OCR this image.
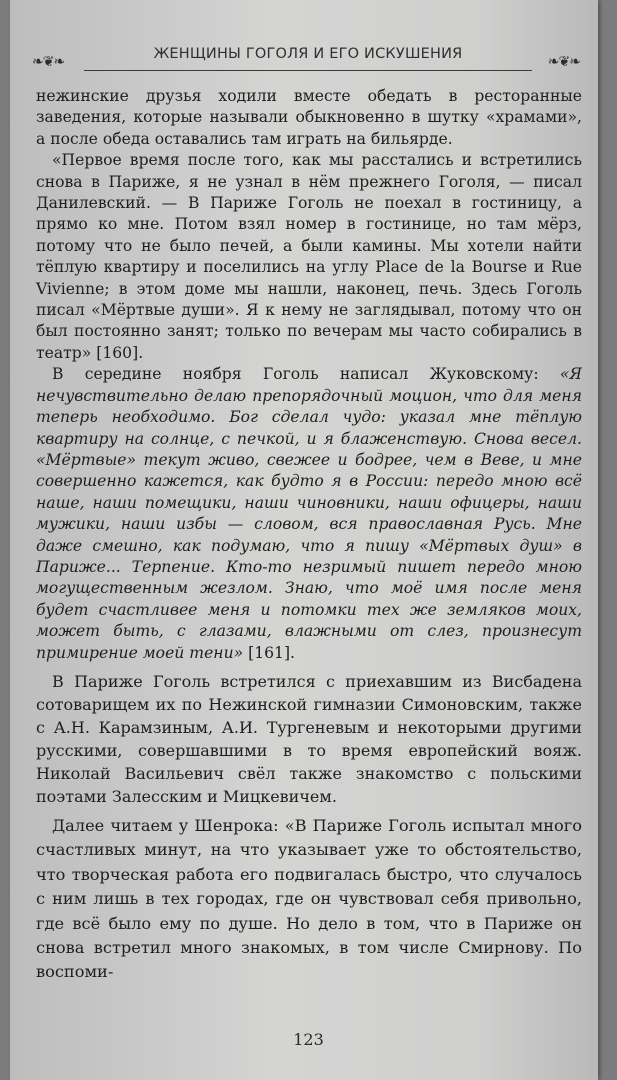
❧❦❧	ЖЕНЩИНЫ ГОГОЛЯ И ЕГО ИСКУШЕНИЯ	❧❦❧

нежинские друзья ходили вместе обедать в ресторанные заведения, которые называли обыкновенно в шутку «храмами», а после обеда оставались там играть на бильярде.

«Первое время после того, как мы расстались и встретились снова в Париже, я не узнал в нём прежнего Гоголя, — писал Данилевский. — В Париже Гоголь не поехал в гостиницу, а прямо ко мне. Потом взял номер в гостинице, но там мёрз, потому что не было печей, а были камины. Мы хотели найти тёплую квартиру и поселились на углу Place de la Bourse и Rue Vivienne; в этом доме мы нашли, наконец, печь. Здесь Гоголь писал «Мёртвые души». Я к нему не заглядывал, потому что он был постоянно занят; только по вечерам мы часто собирались в театр» [160].

В середине ноября Гоголь написал Жуковскому: «Я нечувствительно делаю препорядочный моцион, что для меня теперь необходимо. Бог сделал чудо: указал мне тёплую квартиру на солнце, с печкой, и я блаженствую. Снова весел. «Мёртвые» текут живо, свежее и бодрее, чем в Веве, и мне совершенно кажется, как будто я в России: передо мною всё наше, наши помещики, наши чиновники, наши офицеры, наши мужики, наши избы — словом, вся православная Русь. Мне даже смешно, как подумаю, что я пишу «Мёртвых душ» в Париже... Терпение. Кто-то незримый пишет передо мною могущественным жезлом. Знаю, что моё имя после меня будет счастливее меня и потомки тех же земляков моих, может быть, с глазами, влажными от слез, произнесут примирение моей тени» [161].

В Париже Гоголь встретился с приехавшим из Висбадена сотоварищем их по Нежинской гимназии Симоновским, также с А.Н. Карамзиным, А.И. Тургеневым и некоторыми другими русскими, совершавшими в то время европейский вояж. Николай Васильевич свёл также знакомство с польскими поэтами Залесским и Мицкевичем.

Далее читаем у Шенрока: «В Париже Гоголь испытал много счастливых минут, на что указывает уже то обстоятельство, что творческая работа его подвигалась быстро, что случалось с ним лишь в тех городах, где он чувствовал себя привольно, где всё было ему по душе. Но дело в том, что в Париже он снова встретил много знакомых, в том числе Смирнову. По воспоми-

123
